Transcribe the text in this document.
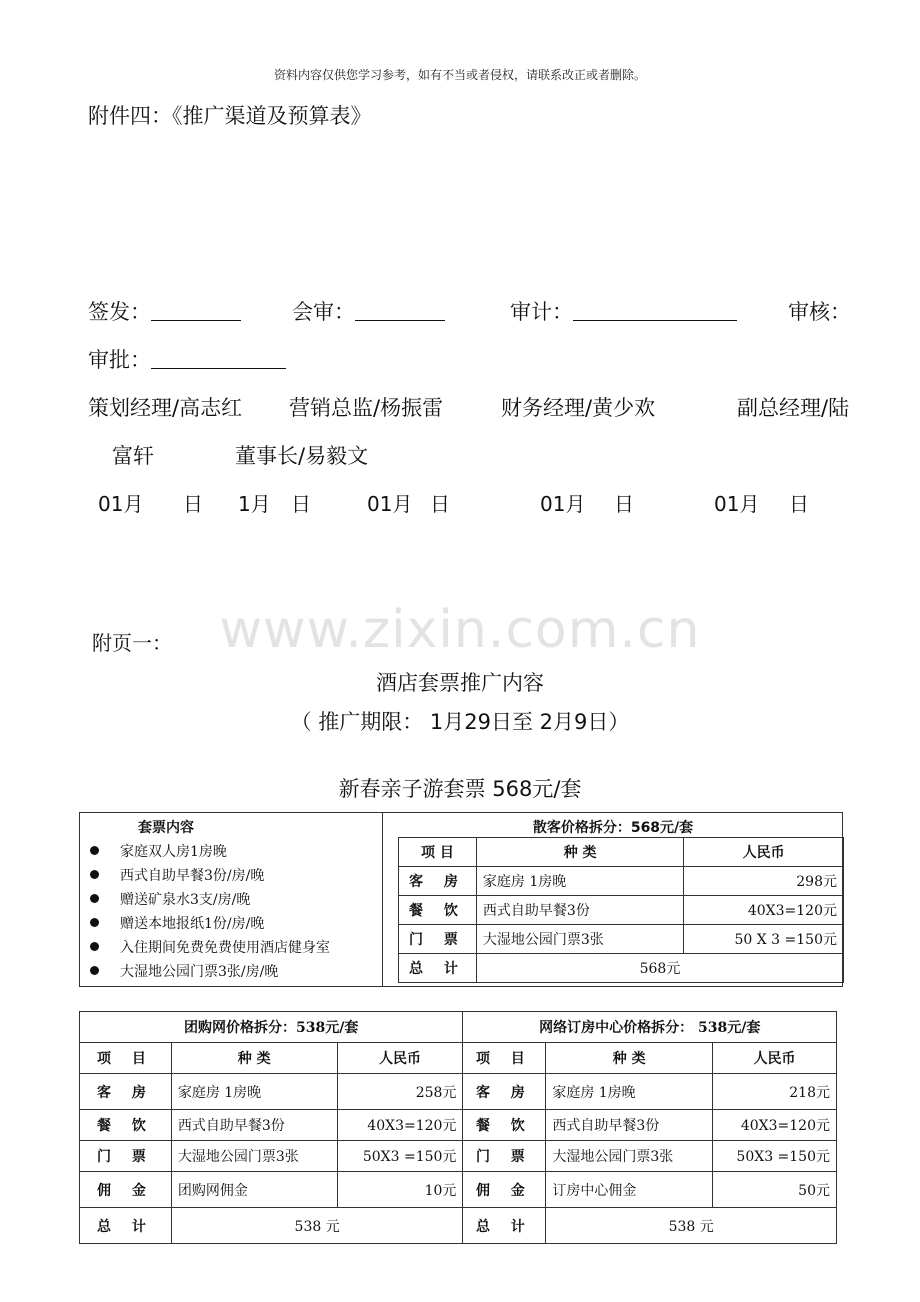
资料内容仅供您学习参考，如有不当或者侵权，请联系改正或者删除。
附件四：《推广渠道及预算表》
签发：	会审：	审计：	审核：
审批：
策划经理/高志红 营销总监/杨振雷	财务经理/黄少欢	副总经理/陆
富轩	董事长/易毅文
01月 日 1月 日	01月 日	01月 日	01月 日
www.zixin.com.cn
附页一：
酒店套票推广内容
（ 推广期限： 1月29日至 2月9日）
新春亲子游套票 568元/套
套票内容
家庭双人房1房晚
西式自助早餐3份/房/晚
赠送矿泉水3支/房/晚
赠送本地报纸1份/房/晚
入住期间免费免费使用酒店健身室
大湿地公园门票3张/房/晚
散客价格拆分：568元/套
项 目	种 类	人民币
客 房	家庭房 1房晚	298元
餐 饮	西式自助早餐3份	40X3=120元
门 票	大湿地公园门票3张	50 X 3 =150元
总 计	568元	
团购网价格拆分：538元/套			网络订房中心价格拆分： 538元/套		
项 目	种 类	人民币	项 目	种 类	人民币
客 房	家庭房 1房晚	258元	客 房	家庭房 1房晚	218元
餐 饮	西式自助早餐3份	40X3=120元	餐 饮	西式自助早餐3份	40X3=120元
门 票	大湿地公园门票3张	50X3 =150元	门 票	大湿地公园门票3张	50X3 =150元
佣 金	团购网佣金	10元	佣 金	订房中心佣金	50元
总 计	538 元		总 计	538 元	
